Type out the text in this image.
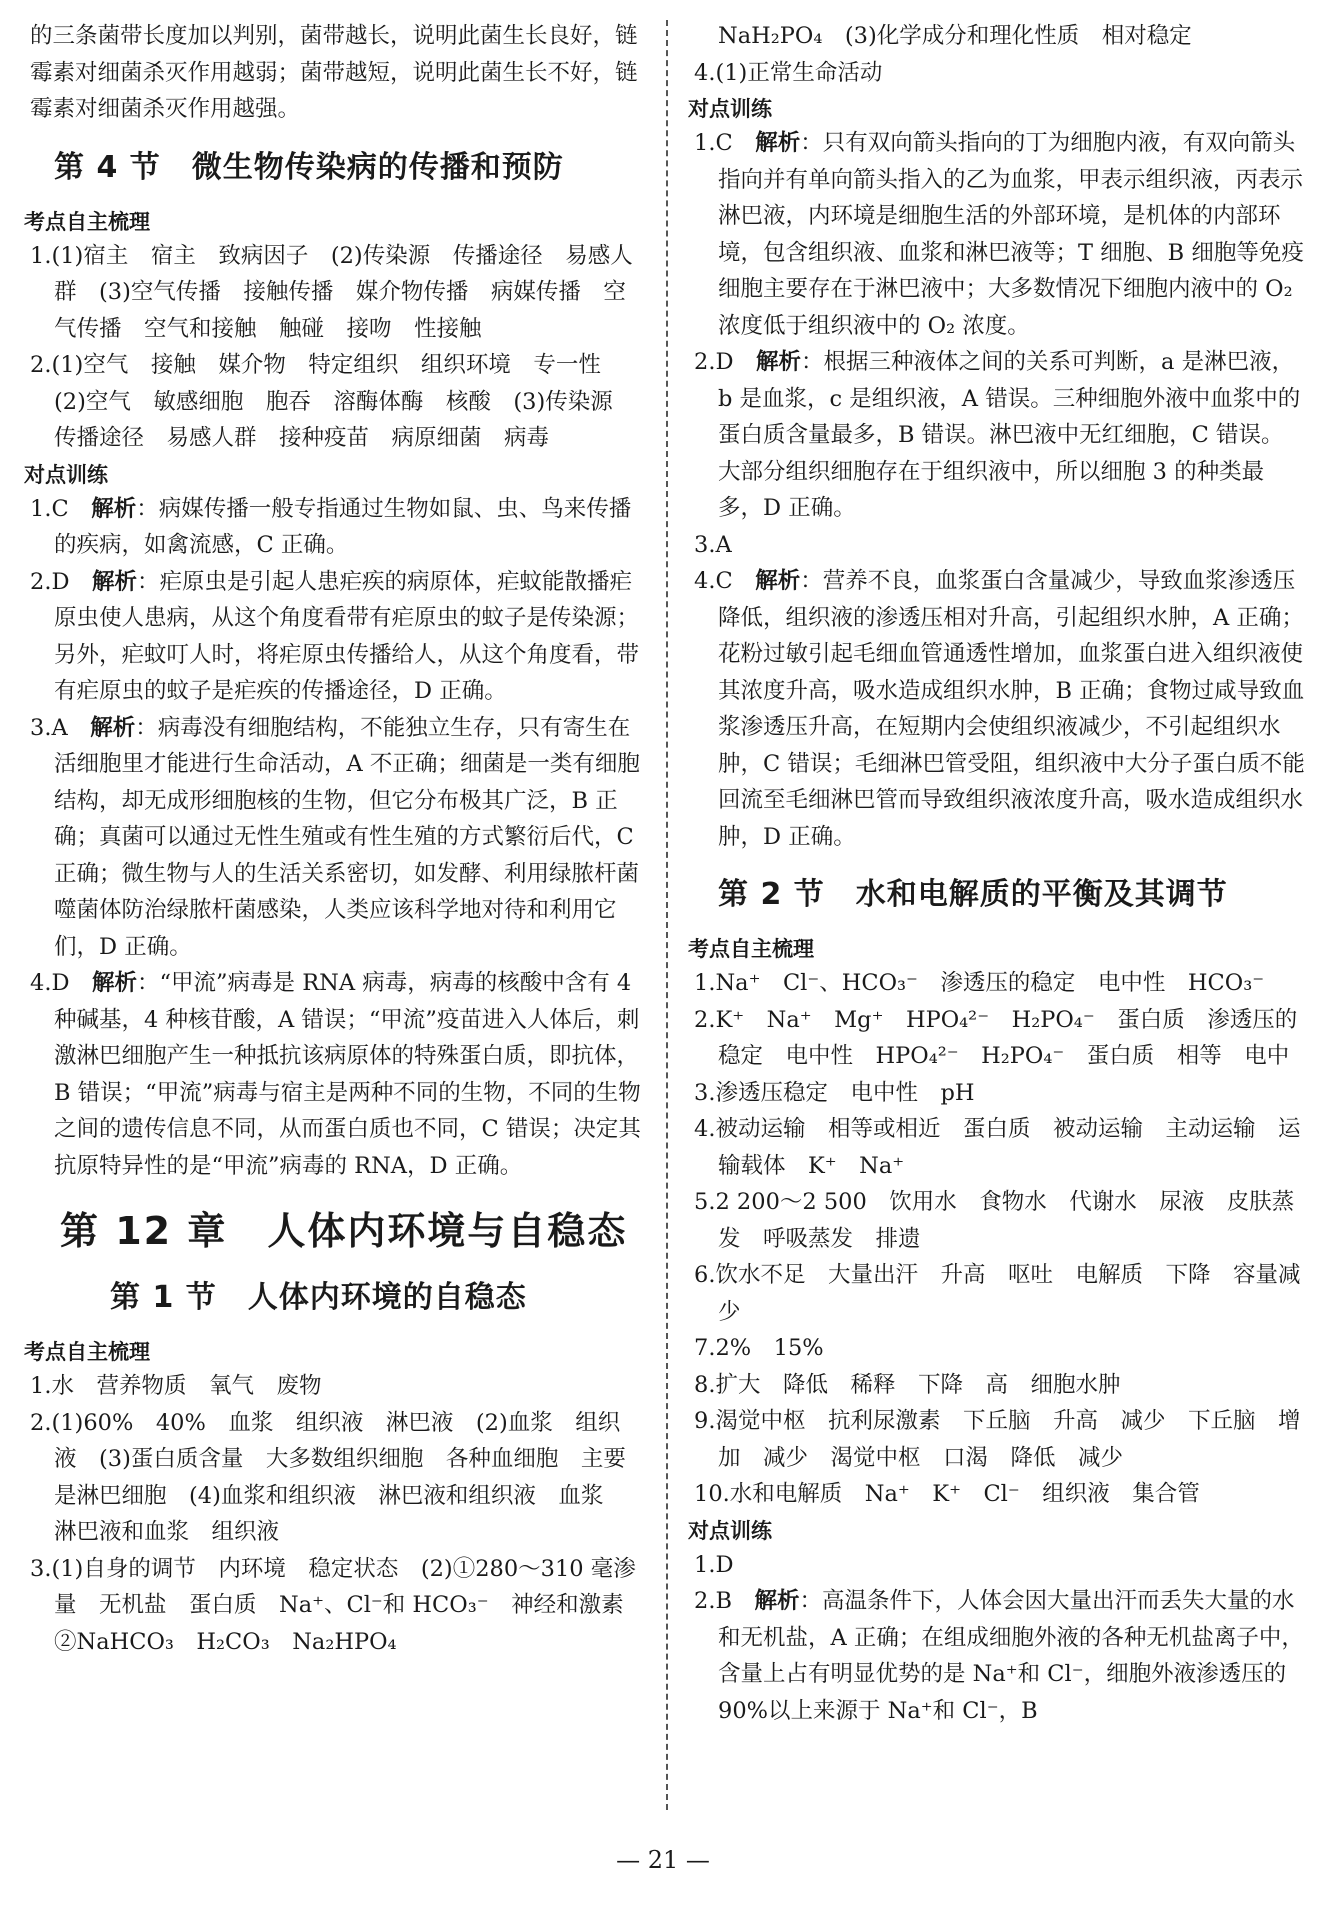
的三条菌带长度加以判别，菌带越长，说明此菌生长良好，链霉素对细菌杀灭作用越弱；菌带越短，说明此菌生长不好，链霉素对细菌杀灭作用越强。

第 4 节　微生物传染病的传播和预防
考点自主梳理

1.(1)宿主　宿主　致病因子　(2)传染源　传播途径　易感人群　(3)空气传播　接触传播　媒介物传播　病媒传播　空气传播　空气和接触　触碰　接吻　性接触

2.(1)空气　接触　媒介物　特定组织　组织环境　专一性　(2)空气　敏感细胞　胞吞　溶酶体酶　核酸　(3)传染源　传播途径　易感人群　接种疫苗　病原细菌　病毒

对点训练

1.C　解析：病媒传播一般专指通过生物如鼠、虫、鸟来传播的疾病，如禽流感，C 正确。

2.D　解析：疟原虫是引起人患疟疾的病原体，疟蚊能散播疟原虫使人患病，从这个角度看带有疟原虫的蚊子是传染源；另外，疟蚊叮人时，将疟原虫传播给人，从这个角度看，带有疟原虫的蚊子是疟疾的传播途径，D 正确。

3.A　解析：病毒没有细胞结构，不能独立生存，只有寄生在活细胞里才能进行生命活动，A 不正确；细菌是一类有细胞结构，却无成形细胞核的生物，但它分布极其广泛，B 正确；真菌可以通过无性生殖或有性生殖的方式繁衍后代，C 正确；微生物与人的生活关系密切，如发酵、利用绿脓杆菌噬菌体防治绿脓杆菌感染，人类应该科学地对待和利用它们，D 正确。

4.D　解析：“甲流”病毒是 RNA 病毒，病毒的核酸中含有 4 种碱基，4 种核苷酸，A 错误；“甲流”疫苗进入人体后，刺激淋巴细胞产生一种抵抗该病原体的特殊蛋白质，即抗体，B 错误；“甲流”病毒与宿主是两种不同的生物，不同的生物之间的遗传信息不同，从而蛋白质也不同，C 错误；决定其抗原特异性的是“甲流”病毒的 RNA，D 正确。

第 12 章　人体内环境与自稳态
第 1 节　人体内环境的自稳态
考点自主梳理

1.水　营养物质　氧气　废物

2.(1)60%　40%　血浆　组织液　淋巴液　(2)血浆　组织液　(3)蛋白质含量　大多数组织细胞　各种血细胞　主要是淋巴细胞　(4)血浆和组织液　淋巴液和组织液　血浆　淋巴液和血浆　组织液

3.(1)自身的调节　内环境　稳定状态　(2)①280～310 毫渗量　无机盐　蛋白质　Na⁺、Cl⁻和 HCO₃⁻　神经和激素　②NaHCO₃　H₂CO₃　Na₂HPO₄

NaH₂PO₄　(3)化学成分和理化性质　相对稳定

4.(1)正常生命活动

对点训练

1.C　解析：只有双向箭头指向的丁为细胞内液，有双向箭头指向并有单向箭头指入的乙为血浆，甲表示组织液，丙表示淋巴液，内环境是细胞生活的外部环境，是机体的内部环境，包含组织液、血浆和淋巴液等；T 细胞、B 细胞等免疫细胞主要存在于淋巴液中；大多数情况下细胞内液中的 O₂ 浓度低于组织液中的 O₂ 浓度。

2.D　解析：根据三种液体之间的关系可判断，a 是淋巴液，b 是血浆，c 是组织液，A 错误。三种细胞外液中血浆中的蛋白质含量最多，B 错误。淋巴液中无红细胞，C 错误。大部分组织细胞存在于组织液中，所以细胞 3 的种类最多，D 正确。

3.A

4.C　解析：营养不良，血浆蛋白含量减少，导致血浆渗透压降低，组织液的渗透压相对升高，引起组织水肿，A 正确；花粉过敏引起毛细血管通透性增加，血浆蛋白进入组织液使其浓度升高，吸水造成组织水肿，B 正确；食物过咸导致血浆渗透压升高，在短期内会使组织液减少，不引起组织水肿，C 错误；毛细淋巴管受阻，组织液中大分子蛋白质不能回流至毛细淋巴管而导致组织液浓度升高，吸水造成组织水肿，D 正确。

第 2 节　水和电解质的平衡及其调节
考点自主梳理

1.Na⁺　Cl⁻、HCO₃⁻　渗透压的稳定　电中性　HCO₃⁻

2.K⁺　Na⁺　Mg⁺　HPO₄²⁻　H₂PO₄⁻　蛋白质　渗透压的稳定　电中性　HPO₄²⁻　H₂PO₄⁻　蛋白质　相等　电中

3.渗透压稳定　电中性　pH

4.被动运输　相等或相近　蛋白质　被动运输　主动运输　运输载体　K⁺　Na⁺

5.2 200～2 500　饮用水　食物水　代谢水　尿液　皮肤蒸发　呼吸蒸发　排遗

6.饮水不足　大量出汗　升高　呕吐　电解质　下降　容量减少

7.2%　15%

8.扩大　降低　稀释　下降　高　细胞水肿

9.渴觉中枢　抗利尿激素　下丘脑　升高　减少　下丘脑　增加　减少　渴觉中枢　口渴　降低　减少

10.水和电解质　Na⁺　K⁺　Cl⁻　组织液　集合管

对点训练

1.D

2.B　解析：高温条件下，人体会因大量出汗而丢失大量的水和无机盐，A 正确；在组成细胞外液的各种无机盐离子中，含量上占有明显优势的是 Na⁺和 Cl⁻，细胞外液渗透压的 90%以上来源于 Na⁺和 Cl⁻，B

— 21 —
